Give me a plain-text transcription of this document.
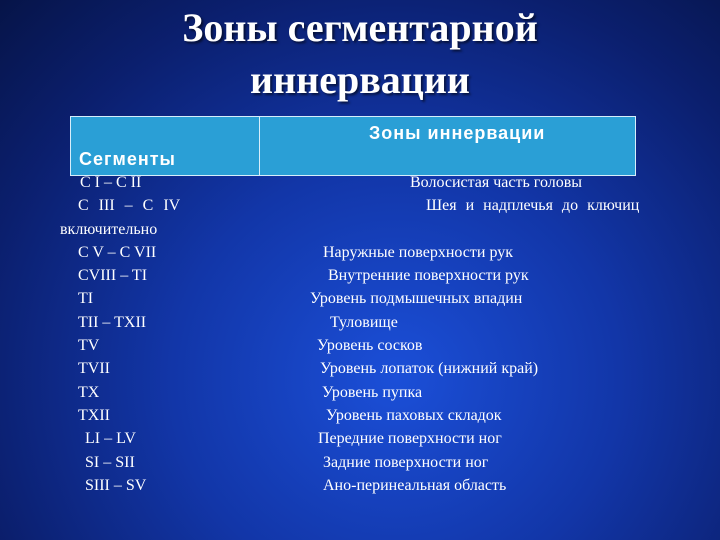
Зоны сегментарной
иннервации
Сегменты
Зоны иннервации
C I – C II	Волосистая часть головы
C III – C IV	Шея и надплечья до ключиц
включительно
C V – C VII	Наружные поверхности рук
CVIII – TI	Внутренние поверхности рук
TI	Уровень подмышечных впадин
TII – TXII	Туловище
TV	Уровень сосков
TVII	Уровень лопаток (нижний край)
TX	Уровень пупка
TXII	Уровень паховых складок
LI – LV	Передние поверхности ног
SI – SII	Задние поверхности ног
SIII – SV	Ано-перинеальная область
